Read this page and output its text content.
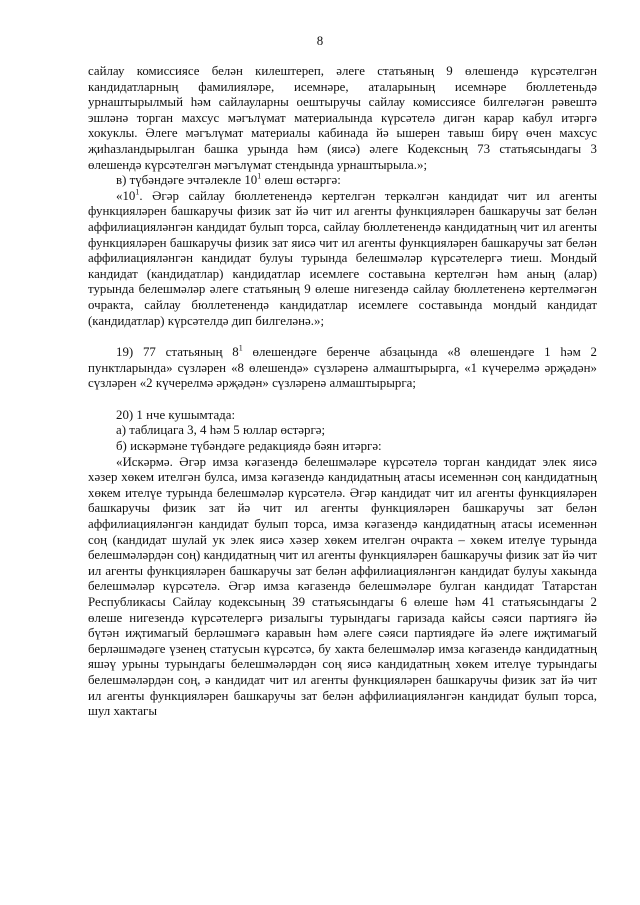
8

сайлау комиссиясе белән килештереп, әлеге статьяның 9 өлешендә күрсәтелгән кандидатларның фамилияләре, исемнәре, аталарының исемнәре бюллетеньдә урнаштырылмый һәм сайлауларны оештыручы сайлау комиссиясе билгеләгән рәвештә эшләнә торган махсус мәгълүмат материалында күрсәтелә дигән карар кабул итәргә хокуклы. Әлеге мәгълүмат материалы кабинада йә ышерен тавыш бирү өчен махсус җиһазландырылган башка урында һәм (яисә) әлеге Кодексның 73 статьясындагы 3 өлешендә күрсәтелгән мәгълүмат стендында урнаштырыла.»;

в) түбәндәге эчтәлекле $10^1$ өлеш өстәргә:

«$10^1$. Әгәр сайлау бюллетенендә кертелгән теркәлгән кандидат чит ил агенты функцияләрен башкаручы физик зат йә чит ил агенты функцияләрен башкаручы зат белән аффилиацияләнгән кандидат булып торса, сайлау бюллетенендә кандидатның чит ил агенты функцияләрен башкаручы физик зат яисә чит ил агенты функцияләрен башкаручы зат белән аффилиацияләнгән кандидат булуы турында белешмәләр күрсәтелергә тиеш. Мондый кандидат (кандидатлар) кандидатлар исемлеге составына кертелгән һәм аның (алар) турында белешмәләр әлеге статьяның 9 өлеше нигезендә сайлау бюллетененә кертелмәгән очракта, сайлау бюллетенендә кандидатлар исемлеге составында мондый кандидат (кандидатлар) күрсәтелдә дип билгеләнә.»;

19) 77 статьяның $8^1$ өлешендәге беренче абзацында «8 өлешендәге 1 һәм 2 пунктларында» сүзләрен «8 өлешендә» сүзләренә алмаштырырга, «1 күчерелмә әрҗәдән» сүзләрен «2 күчерелмә әрҗәдән» сүзләренә алмаштырырга;

20) 1 нче кушымтада:

а) таблицага 3, 4 һәм 5 юллар өстәргә;

б) искәрмәне түбәндәге редакциядә бәян итәргә:

«Искәрмә. Әгәр имза кәгазендә белешмәләре күрсәтелә торган кандидат элек яисә хәзер хөкем ителгән булса, имза кәгазендә кандидатның атасы исеменнән соң кандидатның хөкем ителүе турында белешмәләр күрсәтелә. Әгәр кандидат чит ил агенты функцияләрен башкаручы физик зат йә чит ил агенты функцияләрен башкаручы зат белән аффилиацияләнгән кандидат булып торса, имза кәгазендә кандидатның атасы исеменнән соң (кандидат шулай ук элек яисә хәзер хөкем ителгән очракта – хөкем ителүе турында белешмәләрдән соң) кандидатның чит ил агенты функцияләрен башкаручы физик зат йә чит ил агенты функцияләрен башкаручы зат белән аффилиацияләнгән кандидат булуы хакында белешмәләр күрсәтелә. Әгәр имза кәгазендә белешмәләре булган кандидат Татарстан Республикасы Сайлау кодексының 39 статьясындагы 6 өлеше һәм 41 статьясындагы 2 өлеше нигезендә күрсәтелергә ризалыгы турындагы гаризада кайсы сәяси партиягә йә бүтән иҗтимагый берләшмәгә каравын һәм әлеге сәяси партиядәге йә әлеге иҗтимагый берләшмәдәге үзенең статусын күрсәтсә, бу хакта белешмәләр имза кәгазендә кандидатның яшәү урыны турындагы белешмәләрдән соң яисә кандидатның хөкем ителүе турындагы белешмәләрдән соң, ә кандидат чит ил агенты функцияләрен башкаручы физик зат йә чит ил агенты функцияләрен башкаручы зат белән аффилиацияләнгән кандидат булып торса, шул хактагы
